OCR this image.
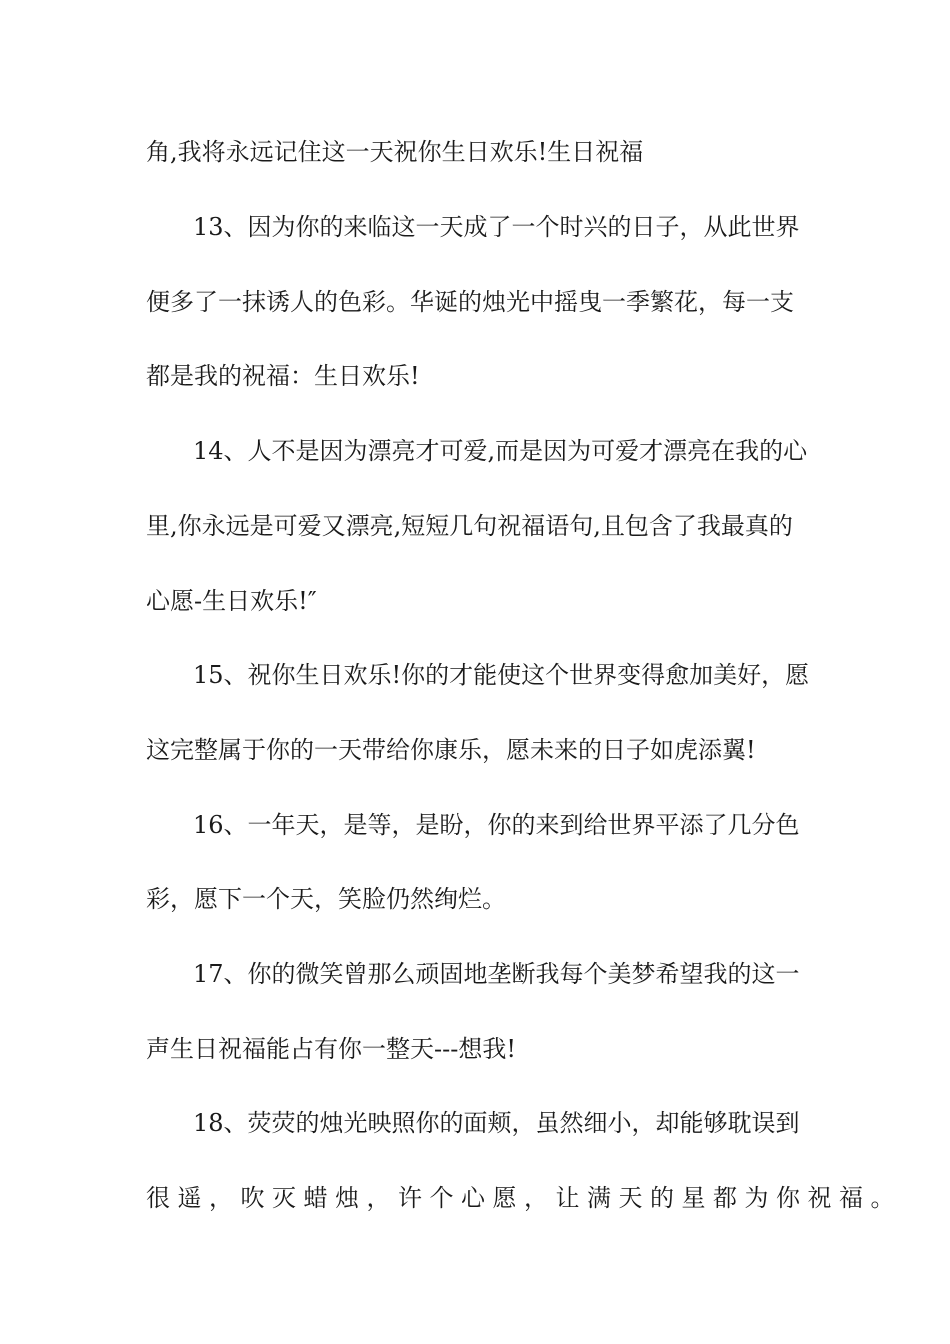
角,我将永远记住这一天祝你生日欢乐!生日祝福
13、因为你的来临这一天成了一个时兴的日子，从此世界
便多了一抹诱人的色彩。华诞的烛光中摇曳一季繁花，每一支
都是我的祝福：生日欢乐!
14、人不是因为漂亮才可爱,而是因为可爱才漂亮在我的心
里,你永远是可爱又漂亮,短短几句祝福语句,且包含了我最真的
心愿-生日欢乐!″
15、祝你生日欢乐!你的才能使这个世界变得愈加美好，愿
这完整属于你的一天带给你康乐，愿未来的日子如虎添翼!
16、一年天，是等，是盼，你的来到给世界平添了几分色
彩，愿下一个天，笑脸仍然绚烂。
17、你的微笑曾那么顽固地垄断我每个美梦希望我的这一
声生日祝福能占有你一整天---想我!
18、荧荧的烛光映照你的面颊，虽然细小，却能够耽误到
很遥，吹灭蜡烛，许个心愿，让满天的星都为你祝福。
